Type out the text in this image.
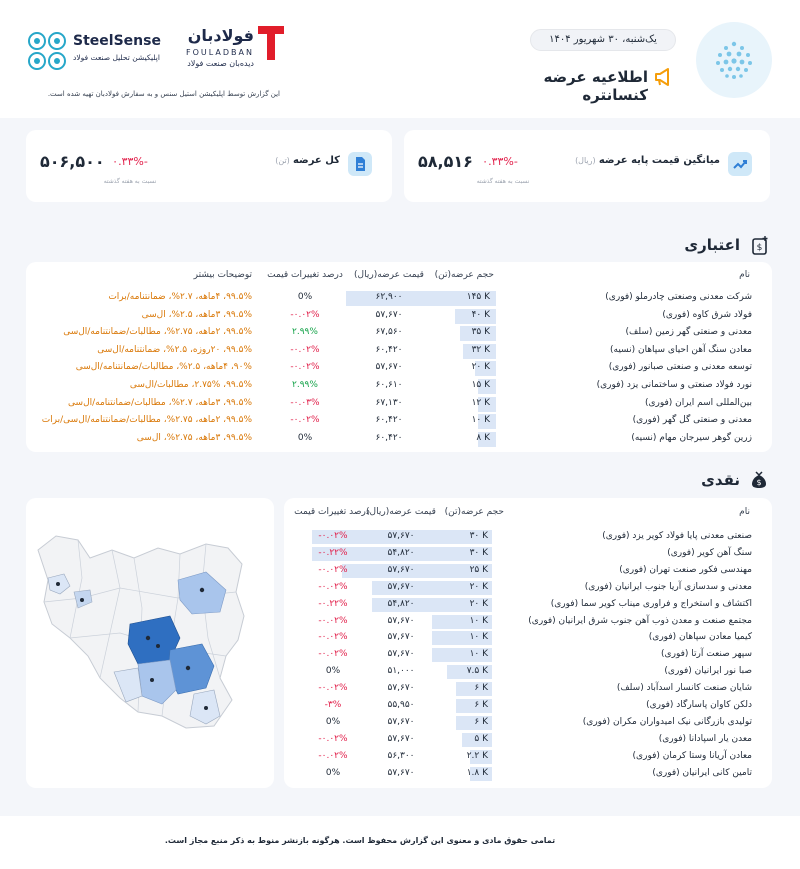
یک‌شنبه، ۳۰ شهریور ۱۴۰۴
اطلاعیه عرضه کنسانتره
فولادبان
FOULADBAN
دیده‌بان صنعت فولاد
SteelSense
اپلیکیشن تحلیل صنعت فولاد
این گزارش توسط اپلیکیشن استیل سنس و به سفارش فولادبان تهیه شده است.
میانگین قیمت پایه عرضه (ریال)
۰.۳۳%-
نسبت به هفته گذشته
۵۸,۵۱۶
کل عرضه (تن)
۰.۳۳%-
نسبت به هفته گذشته
۵۰۶,۵۰۰
اعتباری $
نام
حجم عرضه(تن)
قیمت عرضه(ریال)
درصد تغییرات قیمت
توضیحات بیشتر
شرکت معدنی وصنعتی چادرملو (فوری)
۱۴۵ K
۶۲,۹۰۰
0%
۹۹.۵%، ۴ماهه، ۲.۷%، ضمانتنامه/برات
فولاد شرق کاوه (فوری)
۴۰ K
۵۷,۶۷۰
-۰.۰۲%
۹۹.۵%، ۳ماهه، ۲.۵%، ال‌سی
معدنی و صنعتی گهر زمین (سلف)
۳۵ K
۶۷,۵۶۰
۲.۹۹%
۹۹.۵%، ۲ماهه، ۲.۷۵%، مطالبات/ضمانتنامه/ال‌سی
معادن سنگ آهن احیای سپاهان (نسیه)
۳۲ K
۶۰,۴۲۰
-۰.۰۲%
۹۹.۵%، ۲۰روزه، ۲.۵%، ضمانتنامه/ال‌سی
توسعه معدنی و صنعتی صبانور (فوری)
۲۰ K
۵۷,۶۷۰
-۰.۰۲%
۹۰%، ۴ماهه، ۲.۵%، مطالبات/ضمانتنامه/ال‌سی
نورد فولاد صنعتی و ساختمانی یزد (فوری)
۱۵ K
۶۰,۶۱۰
۲.۹۹%
۹۹.۵%، ۲.۷۵%، مطالبات/ال‌سی
بین‌المللی اسم ایران (فوری)
۱۲ K
۶۷,۱۳۰
-۰.۰۳%
۹۹.۵%، ۳ماهه، ۲.۷%، مطالبات/ضمانتنامه/ال‌سی
معدنی و صنعتی گل گهر (فوری)
۱۰ K
۶۰,۴۲۰
-۰.۰۲%
۹۹.۵%، ۲ماهه، ۲.۷۵%، مطالبات/ضمانتنامه/ال‌سی/برات
زرین گوهر سیرجان مهام (نسیه)
۸ K
۶۰,۴۲۰
0%
۹۹.۵%، ۳ماهه، ۲.۷۵%، ال‌سی
نقدی $
نام
حجم عرضه(تن)
قیمت عرضه(ریال)
درصد تغییرات قیمت
صنعتی معدنی پایا فولاد کویر یزد (فوری)
۳۰ K
۵۷,۶۷۰
-۰.۰۲%
سنگ آهن کویر (فوری)
۳۰ K
۵۴,۸۲۰
-۰.۲۲%
مهندسی فکور صنعت تهران (فوری)
۲۵ K
۵۷,۶۷۰
-۰.۰۲%
معدنی و سدسازی آریا جنوب ایرانیان (فوری)
۲۰ K
۵۷,۶۷۰
-۰.۰۲%
اکتشاف و استخراج و فراوری میناب کویر سما (فوری)
۲۰ K
۵۴,۸۲۰
-۰.۲۲%
مجتمع صنعت و معدن ذوب آهن جنوب شرق ایرانیان (فوری)
۱۰ K
۵۷,۶۷۰
-۰.۰۲%
کیمیا معادن سپاهان (فوری)
۱۰ K
۵۷,۶۷۰
-۰.۰۲%
سپهر صنعت آرتا (فوری)
۱۰ K
۵۷,۶۷۰
-۰.۰۲%
صبا نور ایرانیان (فوری)
۷.۵ K
۵۱,۰۰۰
0%
شایان صنعت کانسار اسدآباد (سلف)
۶ K
۵۷,۶۷۰
-۰.۰۲%
دلکن کاوان پاسارگاد (فوری)
۶ K
۵۵,۹۵۰
-۳%
تولیدی بازرگانی نیک امیدواران مکران (فوری)
۶ K
۵۷,۶۷۰
0%
معدن یار اسپادانا (فوری)
۵ K
۵۷,۶۷۰
-۰.۰۲%
معادن آریانا وستا کرمان (فوری)
۲.۲ K
۵۶,۳۰۰
-۰.۰۲%
تامین کانی ایرانیان (فوری)
۱.۸ K
۵۷,۶۷۰
0%
تمامی حقوق مادی و معنوی این گزارش محفوظ است. هرگونه بازنشر منوط به ذکر منبع مجاز است.
